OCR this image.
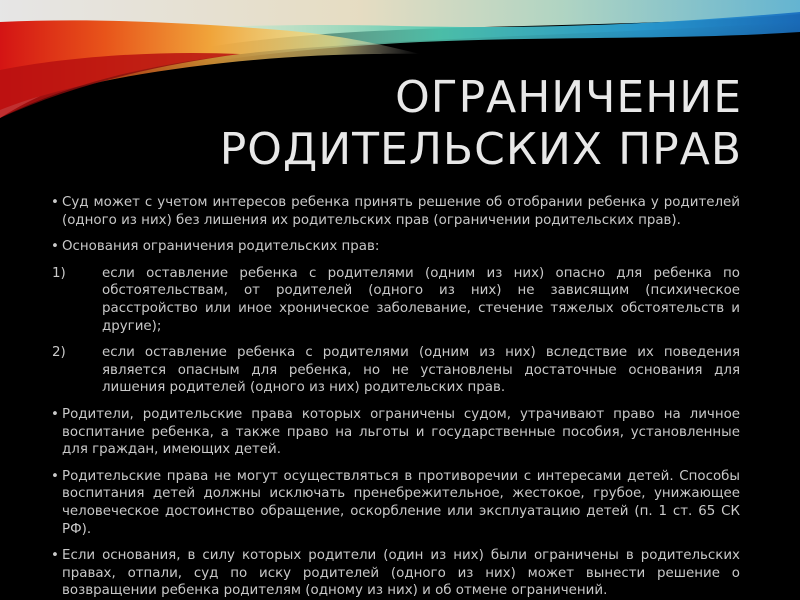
ОГРАНИЧЕНИЕ
РОДИТЕЛЬСКИХ ПРАВ

• Суд может с учетом интересов ребенка принять решение об отобрании ребенка у родителей (одного из них) без лишения их родительских прав (ограничении родительских прав).

• Основания ограничения родительских прав:

1)	если оставление ребенка с родителями (одним из них) опасно для ребенка по обстоятельствам, от родителей (одного из них) не зависящим (психическое расстройство или иное хроническое заболевание, стечение тяжелых обстоятельств и другие);
2)	если оставление ребенка с родителями (одним из них) вследствие их поведения является опасным для ребенка, но не установлены достаточные основания для лишения родителей (одного из них) родительских прав.

• Родители, родительские права которых ограничены судом, утрачивают право на личное воспитание ребенка, а также право на льготы и государственные пособия, установленные для граждан, имеющих детей.

• Родительские права не могут осуществляться в противоречии с интересами детей. Способы воспитания детей должны исключать пренебрежительное, жестокое, грубое, унижающее человеческое достоинство обращение, оскорбление или эксплуатацию детей (п. 1 ст. 65 СК РФ).

• Если основания, в силу которых родители (один из них) были ограничены в родительских правах, отпали, суд по иску родителей (одного из них) может вынести решение о возвращении ребенка родителям (одному из них) и об отмене ограничений.
